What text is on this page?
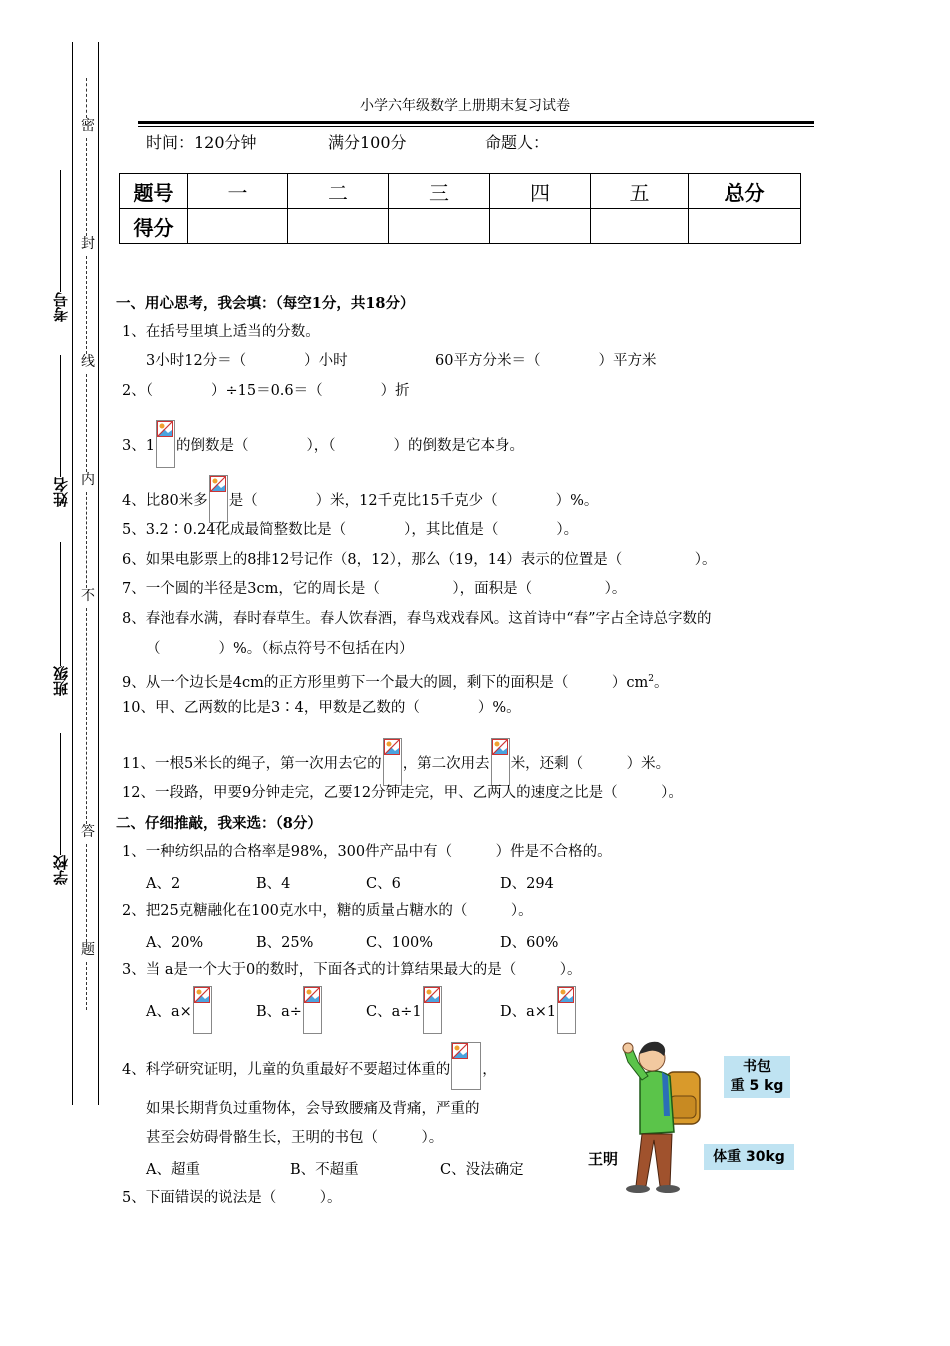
密
封
线
内
不
答
题
考号
姓名
班级
学校
小学六年级数学上册期末复习试卷
时间：120分钟	满分100分	命题人：
题号	一	二	三	四	五	总分
得分						
一、用心思考，我会填：（每空1分，共18分）
1、在括号里填上适当的分数。
3小时12分＝（　　　　）小时	60平方分米＝（　　　　）平方米
2、（　　　　）÷15＝0.6＝（　　　　）折
3、1 的倒数是（　　　　），（　　　　）的倒数是它本身。
4、比80米多 是（　　　　）米，12千克比15千克少（　　　　）%。
5、3.2∶0.24化成最简整数比是（　　　　），其比值是（　　　　）。
6、如果电影票上的8排12号记作（8，12），那么（19，14）表示的位置是（　　　　　）。
7、一个圆的半径是3cm，它的周长是（　　　　　），面积是（　　　　　）。
8、春池春水满，春时春草生。春人饮春酒，春鸟戏戏春风。这首诗中“春”字占全诗总字数的
（　　　　）%。（标点符号不包括在内）
9、从一个边长是4cm的正方形里剪下一个最大的圆，剩下的面积是（　　　）$cm^2$。
10、甲、乙两数的比是3∶4，甲数是乙数的（　　　　）%。
11、一根5米长的绳子，第一次用去它的 ，第二次用去 米，还剩（　　　）米。
12、一段路，甲要9分钟走完，乙要12分钟走完，甲、乙两人的速度之比是（　　　）。
二、仔细推敲，我来选：（8分）
1、一种纺织品的合格率是98%，300件产品中有（　　　）件是不合格的。
A、2	B、4	C、6	D、294
2、把25克糖融化在100克水中，糖的质量占糖水的（　　　）。
A、20%	B、25%	C、100%	D、60%
3、当 a是一个大于0的数时，下面各式的计算结果最大的是（　　　）。
A、a×	B、a÷	C、a÷1	D、a×1
4、科学研究证明，儿童的负重最好不要超过体重的 ，
如果长期背负过重物体，会导致腰痛及背痛，严重的
甚至会妨碍骨骼生长，王明的书包（　　　）。
A、超重	B、不超重	C、没法确定
5、下面错误的说法是（　　　）。
王明
书包
重 5 kg
体重 30kg
